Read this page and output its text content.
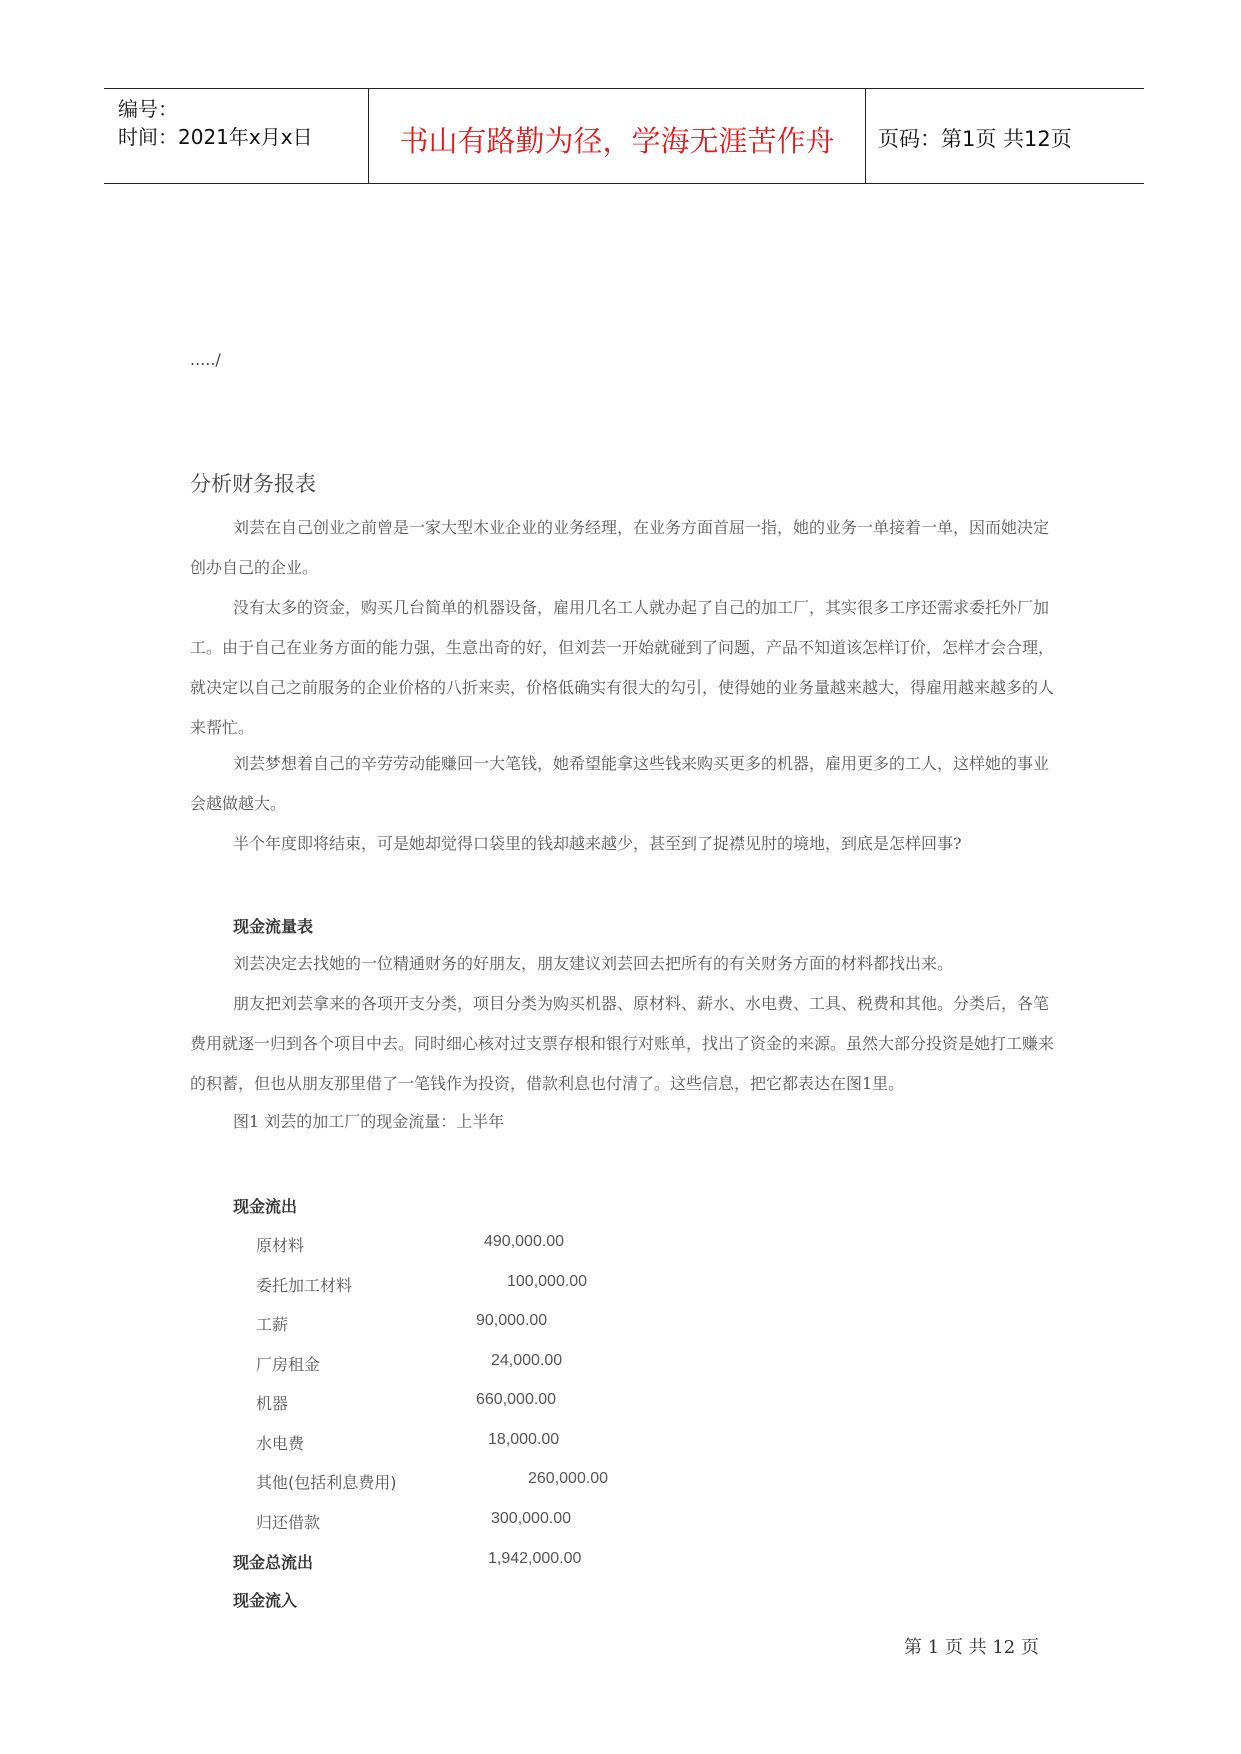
编号：
时间：2021年x月x日	书山有路勤为径，学海无涯苦作舟	页码：第1页 共12页
...../
分析财务报表

刘芸在自己创业之前曾是一家大型木业企业的业务经理，在业务方面首屈一指，她的业务一单接着一单，因而她决定创办自己的企业。

没有太多的资金，购买几台简单的机器设备，雇用几名工人就办起了自己的加工厂，其实很多工序还需求委托外厂加工。由于自己在业务方面的能力强，生意出奇的好，但刘芸一开始就碰到了问题，产品不知道该怎样订价，怎样才会合理，就决定以自己之前服务的企业价格的八折来卖，价格低确实有很大的勾引，使得她的业务量越来越大，得雇用越来越多的人来帮忙。

刘芸梦想着自己的辛劳劳动能赚回一大笔钱，她希望能拿这些钱来购买更多的机器，雇用更多的工人，这样她的事业会越做越大。

半个年度即将结束，可是她却觉得口袋里的钱却越来越少，甚至到了捉襟见肘的境地，到底是怎样回事?

现金流量表

刘芸决定去找她的一位精通财务的好朋友，朋友建议刘芸回去把所有的有关财务方面的材料都找出来。

朋友把刘芸拿来的各项开支分类，项目分类为购买机器、原材料、薪水、水电费、工具、税费和其他。分类后，各笔费用就逐一归到各个项目中去。同时细心核对过支票存根和银行对账单，找出了资金的来源。虽然大部分投资是她打工赚来的积蓄，但也从朋友那里借了一笔钱作为投资，借款利息也付清了。这些信息，把它都表达在图1里。

图1 刘芸的加工厂的现金流量：上半年

现金流出
原材料	490,000.00
委托加工材料	100,000.00
工薪	90,000.00
厂房租金	24,000.00
机器	660,000.00
水电费	18,000.00
其他(包括利息费用)	260,000.00
归还借款	300,000.00
现金总流出	1,942,000.00
现金流入
第 1 页 共 12 页
